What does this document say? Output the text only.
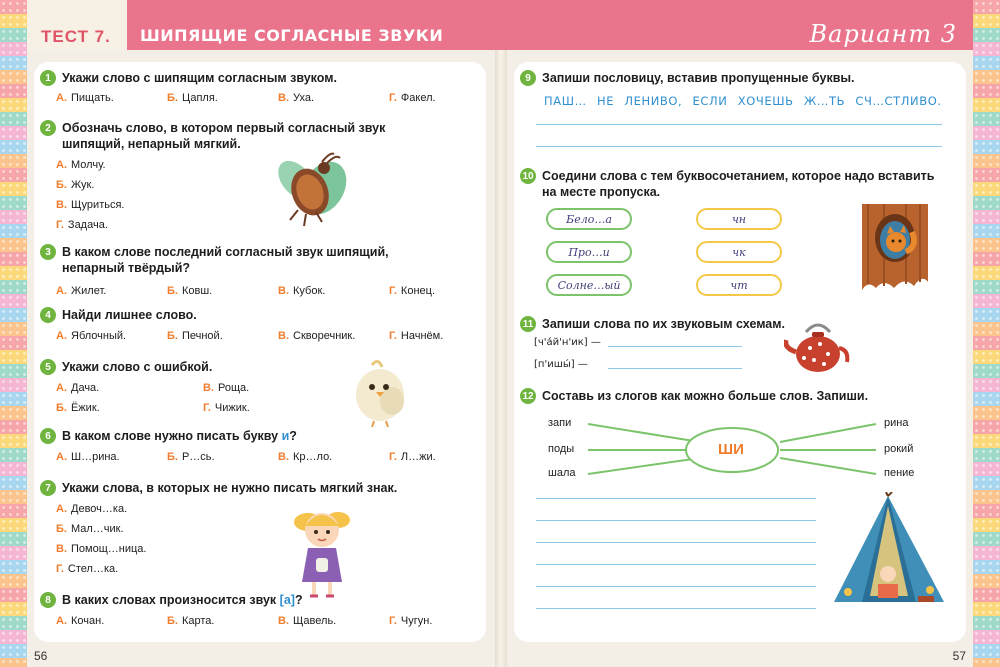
ТЕСТ 7. ШИПЯЩИЕ СОГЛАСНЫЕ ЗВУКИ	Вариант 3
1 Укажи слово с шипящим согласным звуком.
А. Пищать.	Б. Цапля.	В. Уха.	Г. Факел.
2 Обозначь слово, в котором первый согласный звук шипящий, непарный мягкий.
А. Молчу.
Б. Жук.
В. Щуриться.
Г. Задача.
3 В каком слове последний согласный звук шипящий, непарный твёрдый?
А. Жилет.	Б. Ковш.	В. Кубок.	Г. Конец.
4 Найди лишнее слово.
А. Яблочный.	Б. Печной.	В. Скворечник.	Г. Начнём.
5 Укажи слово с ошибкой.
А. Дача.	В. Роща.
Б. Ёжик.	Г. Чижик.
6 В каком слове нужно писать букву и?
А. Ш…рина.	Б. Р…сь.	В. Кр…ло.	Г. Л…жи.
7 Укажи слова, в которых не нужно писать мягкий знак.
А. Девоч…ка.
Б. Мал…чик.
В. Помощ…ница.
Г. Стел…ка.
8 В каких словах произносится звук [а]?
А. Кочан.	Б. Карта.	В. Щавель.	Г. Чугун.
9 Запиши пословицу, вставив пропущенные буквы.
ПАШ… НЕ ЛЕНИВО, ЕСЛИ ХОЧЕШЬ Ж…ТЬ СЧ…СТЛИВО.
10 Соедини слова с тем буквосочетанием, которое надо вставить на месте пропуска.
Бело…а
Про…и
Солне…ый
чн
чк
чт
11 Запиши слова по их звуковым схемам.
[ч'а́й'н'ик] —
[п'ишы́] —
12 Составь из слогов как можно больше слов. Запиши.
ШИ
запи
поды
шала
рина
рокий
пение
56	57
